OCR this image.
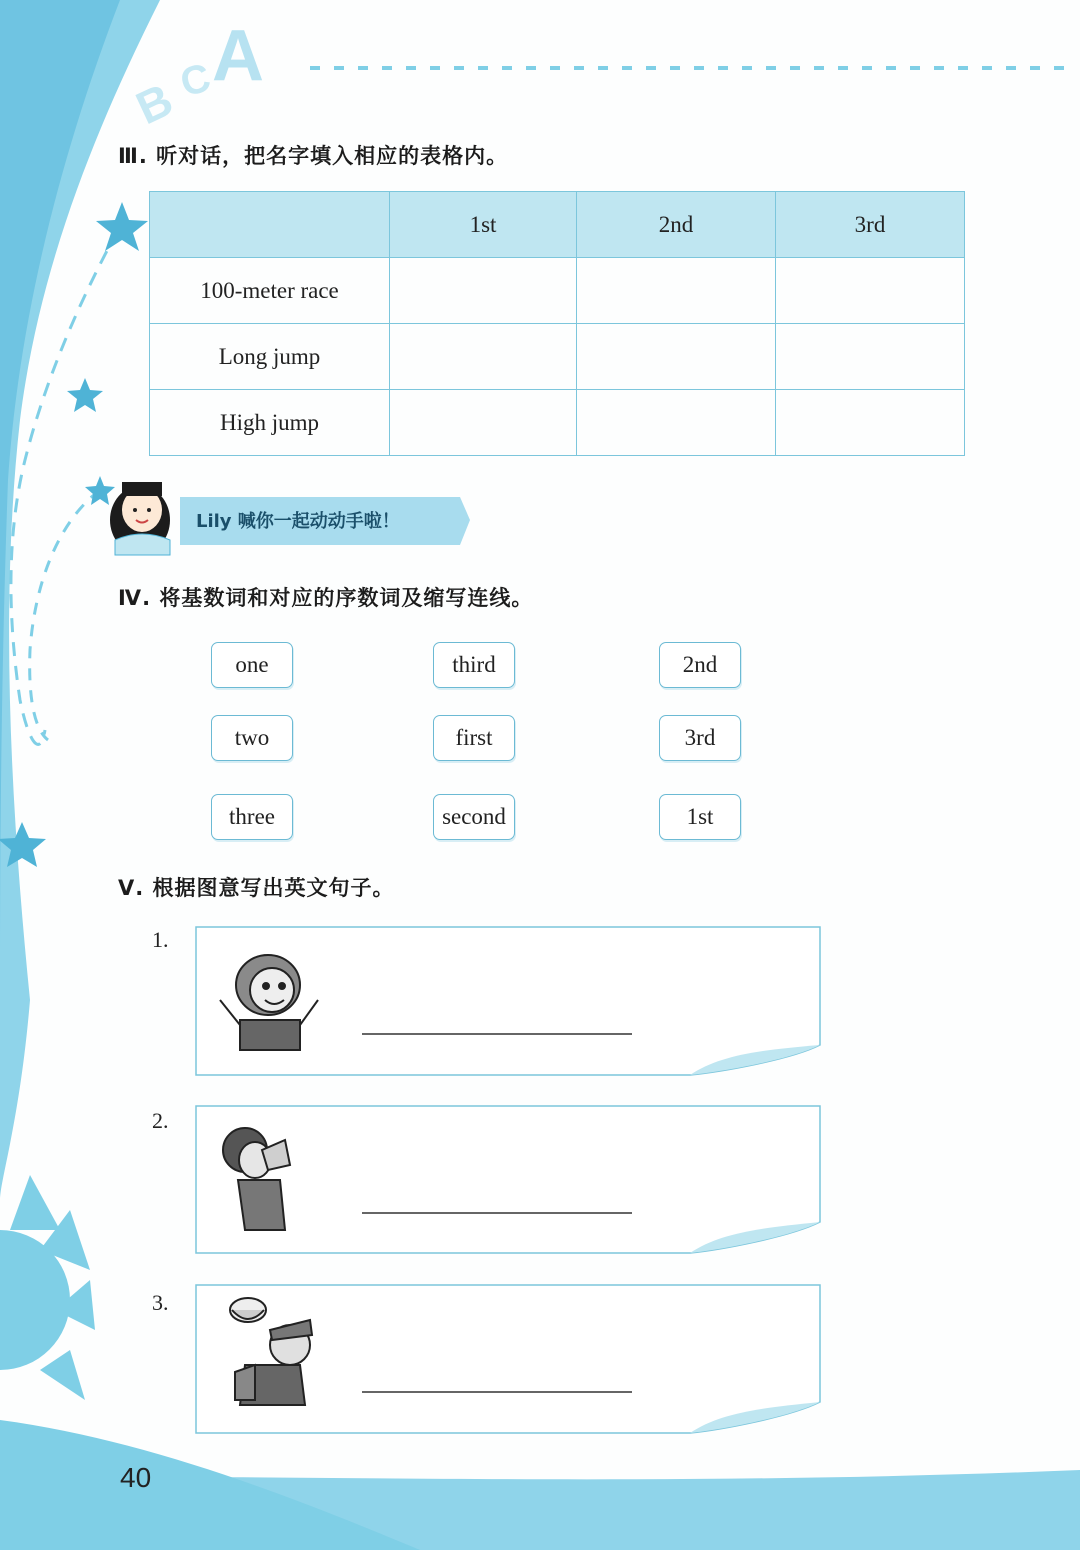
B
C
A
Ⅲ. 听对话，把名字填入相应的表格内。
	1st	2nd	3rd
100-meter race			
Long jump			
High jump			
Lily 喊你一起动动手啦！
Ⅳ. 将基数词和对应的序数词及缩写连线。
one
two
three
third
first
second
2nd
3rd
1st
Ⅴ. 根据图意写出英文句子。
1.
2.
3.
40
